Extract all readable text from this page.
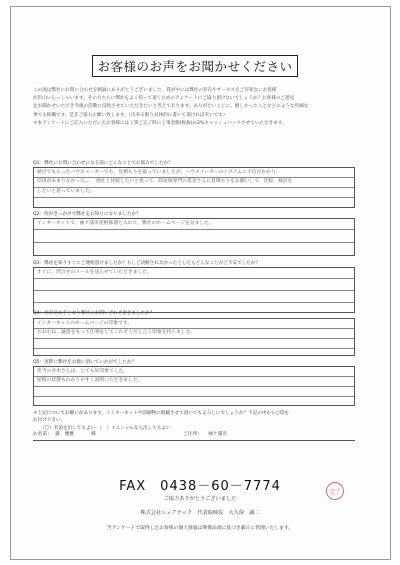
お客様のお声をお聞かせください

この度は弊社にお問い合わせを賜誠にありがとうございました。我が中には弊社の存在やサービスをご存知ないお客様

が沢山いらっしゃいます。その方たちに弊社をよく知って頂くためのアンケートにご協力頂けないでしょうか？お客様のご意見

をお聞かせいただき今後の活動に反映させていただきたいと考えております。ありがたいことに、嬉しかったことなどのような些細な

事でも結構です。是非ご協力お願い致します。（出来る限り具体的に書いて頂ければ幸いです）

＊本アンケートにご記入いただいたお客様には工事ご完了時に工事金額(税抜)の2%キャッシュバックさせていただきます。

Q1：弊社にお問い合わせになる前にどんなことでお悩みでしたか？
錆びてもらったハウスメーカーでも、見積もりを取っていましたが、ハウスメーカーのシステムに不信がかかり、
信用があまりなかった... 他社と比較したいと思って、陸屋根専門の業者さんに見積もりをお願いして、比較、検討を
したいと思っていました。
Q2：何がきっかけで弊社をお知りになりましたか？
インターネットで、袖ケ浦市屋根修理と入れて、弊社のホームページを見ました。
Q3：弊社を知りすぐにご連絡頂けましたか？もしご決断されなかったとしたらどんなことがご不安でしたか？
すぐに、問合せのメールを送らせていただきました。
Q4：何が決め手となり弊社にお問い合わせ頂きましたか？
インターネットのホームページの印象です。
おおむね、誠意をもって仕事をしてくれそうだと言う印象を持ちました。
Q5：実際に弊社をお使い頂いていかがでしたか？
担当の井木さんは、とても好印象でした。
屋根の状態もわかりやすく説明いただきました。
＊上記についてお願いがあります。インターネットや印刷物に掲載させて頂いてもよろしいでしょうか？下記の中から○印を
お付け下さい。
（〇）名前を出してもよい　（　）イニシャルなら出してもよい
お名前： 森　雅雅	様	ご住所： 袖ケ浦市
FAX　0438－60－7774
ご協力ありがとうございました
株式会社シェアテック　代表取締役　大久保　諭二
当アンケートで取得したお客様の個人情報は関係法規に基づき厳正に管理いたします。
完了
